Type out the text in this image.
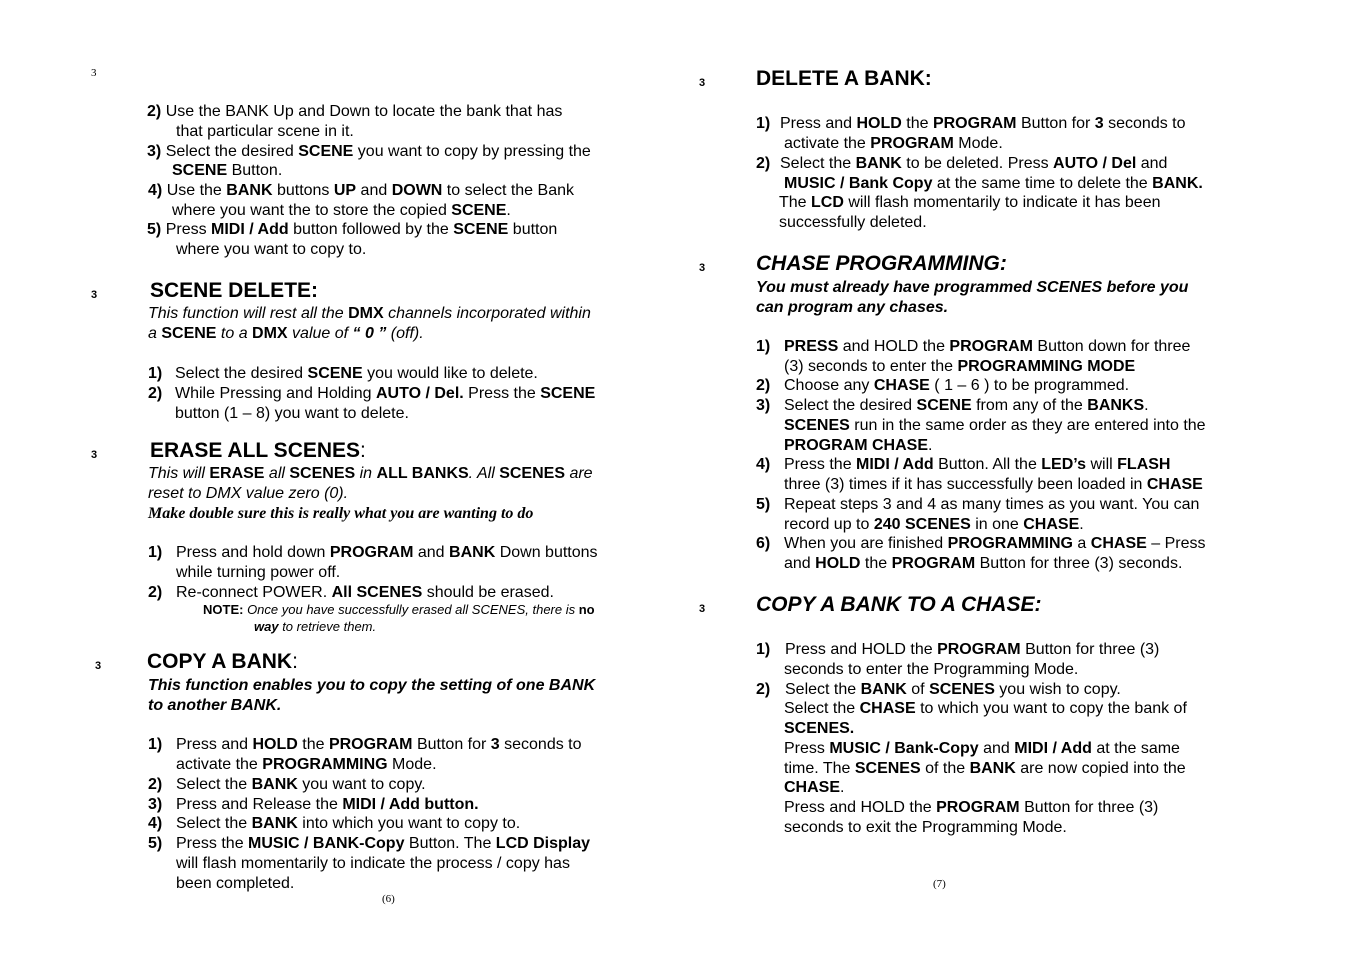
3
2) Use the BANK Up and Down to locate the bank that has
that particular scene in it.
3) Select the desired SCENE you want to copy by pressing the
SCENE Button.
4) Use the BANK buttons UP and DOWN to select the Bank
where you want the to store the copied SCENE.
5) Press MIDI / Add button followed by the SCENE button
where you want to copy to.
3	SCENE DELETE:
This function will rest all the DMX channels incorporated within
a SCENE to a DMX value of “ 0 ” (off).
1) Select the desired SCENE you would like to delete.
2) While Pressing and Holding AUTO / Del. Press the SCENE
button (1 – 8) you want to delete.
3	ERASE ALL SCENES:
This will ERASE all SCENES in ALL BANKS. All SCENES are
reset to DMX value zero (0).
Make double sure this is really what you are wanting to do
1) Press and hold down PROGRAM and BANK Down buttons
while turning power off.
2) Re-connect POWER. All SCENES should be erased.
NOTE: Once you have successfully erased all SCENES, there is no
way to retrieve them.
3 COPY A BANK:
This function enables you to copy the setting of one BANK
to another BANK.
1) Press and HOLD the PROGRAM Button for 3 seconds to
activate the PROGRAMMING Mode.
2) Select the BANK you want to copy.
3) Press and Release the MIDI / Add button.
4) Select the BANK into which you want to copy to.
5) Press the MUSIC / BANK-Copy Button. The LCD Display
will flash momentarily to indicate the process / copy has
been completed.
(6)
3 DELETE A BANK:
1) Press and HOLD the PROGRAM Button for 3 seconds to
activate the PROGRAM Mode.
2) Select the BANK to be deleted. Press AUTO / Del and
MUSIC / Bank Copy at the same time to delete the BANK.
The LCD will flash momentarily to indicate it has been
successfully deleted.
3 CHASE PROGRAMMING:
You must already have programmed SCENES before you
can program any chases.
1) PRESS and HOLD the PROGRAM Button down for three
(3) seconds to enter the PROGRAMMING MODE
2) Choose any CHASE ( 1 – 6 ) to be programmed.
3) Select the desired SCENE from any of the BANKS.
SCENES run in the same order as they are entered into the
PROGRAM CHASE.
4) Press the MIDI / Add Button. All the LED’s will FLASH
three (3) times if it has successfully been loaded in CHASE
5) Repeat steps 3 and 4 as many times as you want. You can
record up to 240 SCENES in one CHASE.
6) When you are finished PROGRAMMING a CHASE – Press
and HOLD the PROGRAM Button for three (3) seconds.
3 COPY A BANK TO A CHASE:
1) Press and HOLD the PROGRAM Button for three (3)
seconds to enter the Programming Mode.
2) Select the BANK of SCENES you wish to copy.
Select the CHASE to which you want to copy the bank of
SCENES.
Press MUSIC / Bank-Copy and MIDI / Add at the same
time. The SCENES of the BANK are now copied into the
CHASE.
Press and HOLD the PROGRAM Button for three (3)
seconds to exit the Programming Mode.
(7)
